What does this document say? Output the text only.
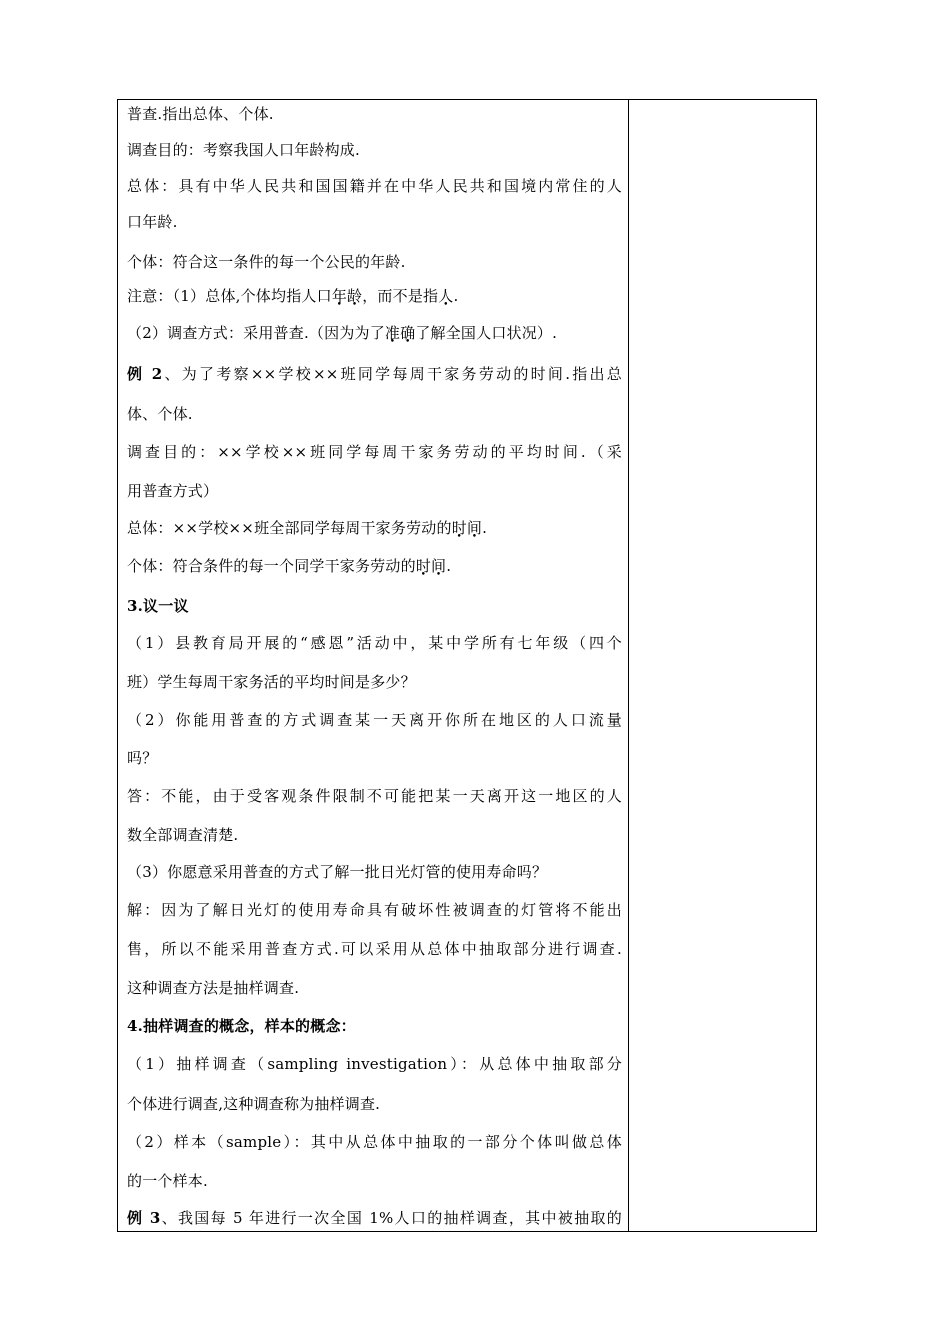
普查.指出总体、个体.
调查目的：考察我国人口年龄构成.
总体：具有中华人民共和国国籍并在中华人民共和国境内常住的人
口年龄.
个体：符合这一条件的每一个公民的年龄.
注意：（1）总体,个体均指人口年龄，而不是指人.
（2）调查方式：采用普查.（因为为了准确了解全国人口状况）.
例 2、为了考察××学校××班同学每周干家务劳动的时间.指出总
体、个体.
调查目的：××学校××班同学每周干家务劳动的平均时间.（采
用普查方式）
总体：××学校××班全部同学每周干家务劳动的时间.
个体：符合条件的每一个同学干家务劳动的时间.
3.议一议
（1）县教育局开展的“感恩”活动中，某中学所有七年级（四个
班）学生每周干家务活的平均时间是多少？
（2）你能用普查的方式调查某一天离开你所在地区的人口流量
吗？
答：不能，由于受客观条件限制不可能把某一天离开这一地区的人
数全部调查清楚.
（3）你愿意采用普查的方式了解一批日光灯管的使用寿命吗？
解：因为了解日光灯的使用寿命具有破坏性被调查的灯管将不能出
售，所以不能采用普查方式.可以采用从总体中抽取部分进行调查.
这种调查方法是抽样调查.
4.抽样调查的概念，样本的概念：
（1）抽样调查（sampling investigation）：从总体中抽取部分
个体进行调查,这种调查称为抽样调查.
（2）样本（sample）：其中从总体中抽取的一部分个体叫做总体
的一个样本.
例 3、我国每 5 年进行一次全国 1%人口的抽样调查，其中被抽取的
